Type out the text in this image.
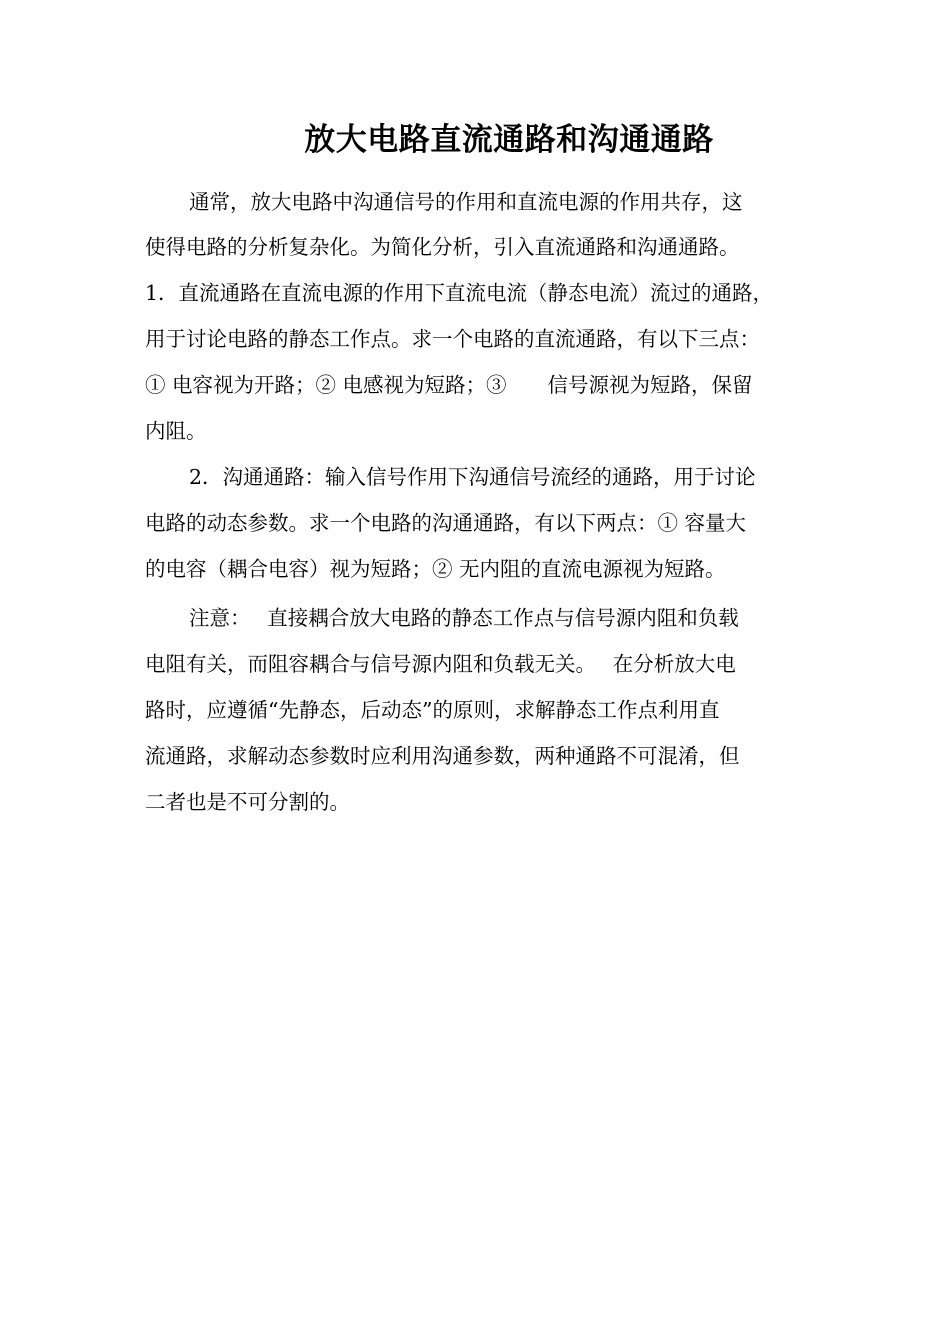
放大电路直流通路和沟通通路
通常，放大电路中沟通信号的作用和直流电源的作用共存，这
使得电路的分析复杂化。为简化分析，引入直流通路和沟通通路。
1．直流通路在直流电源的作用下直流电流（静态电流）流过的通路，
用于讨论电路的静态工作点。求一个电路的直流通路，有以下三点：
① 电容视为开路；② 电感视为短路；③　　信号源视为短路，保留
内阻。
2．沟通通路：输入信号作用下沟通信号流经的通路，用于讨论
电路的动态参数。求一个电路的沟通通路，有以下两点：① 容量大
的电容（耦合电容）视为短路；② 无内阻的直流电源视为短路。
注意：　 直接耦合放大电路的静态工作点与信号源内阻和负载
电阻有关，而阻容耦合与信号源内阻和负载无关。　 在分析放大电
路时，应遵循“先静态，后动态”的原则，求解静态工作点利用直
流通路，求解动态参数时应利用沟通参数，两种通路不可混淆，但
二者也是不可分割的。
